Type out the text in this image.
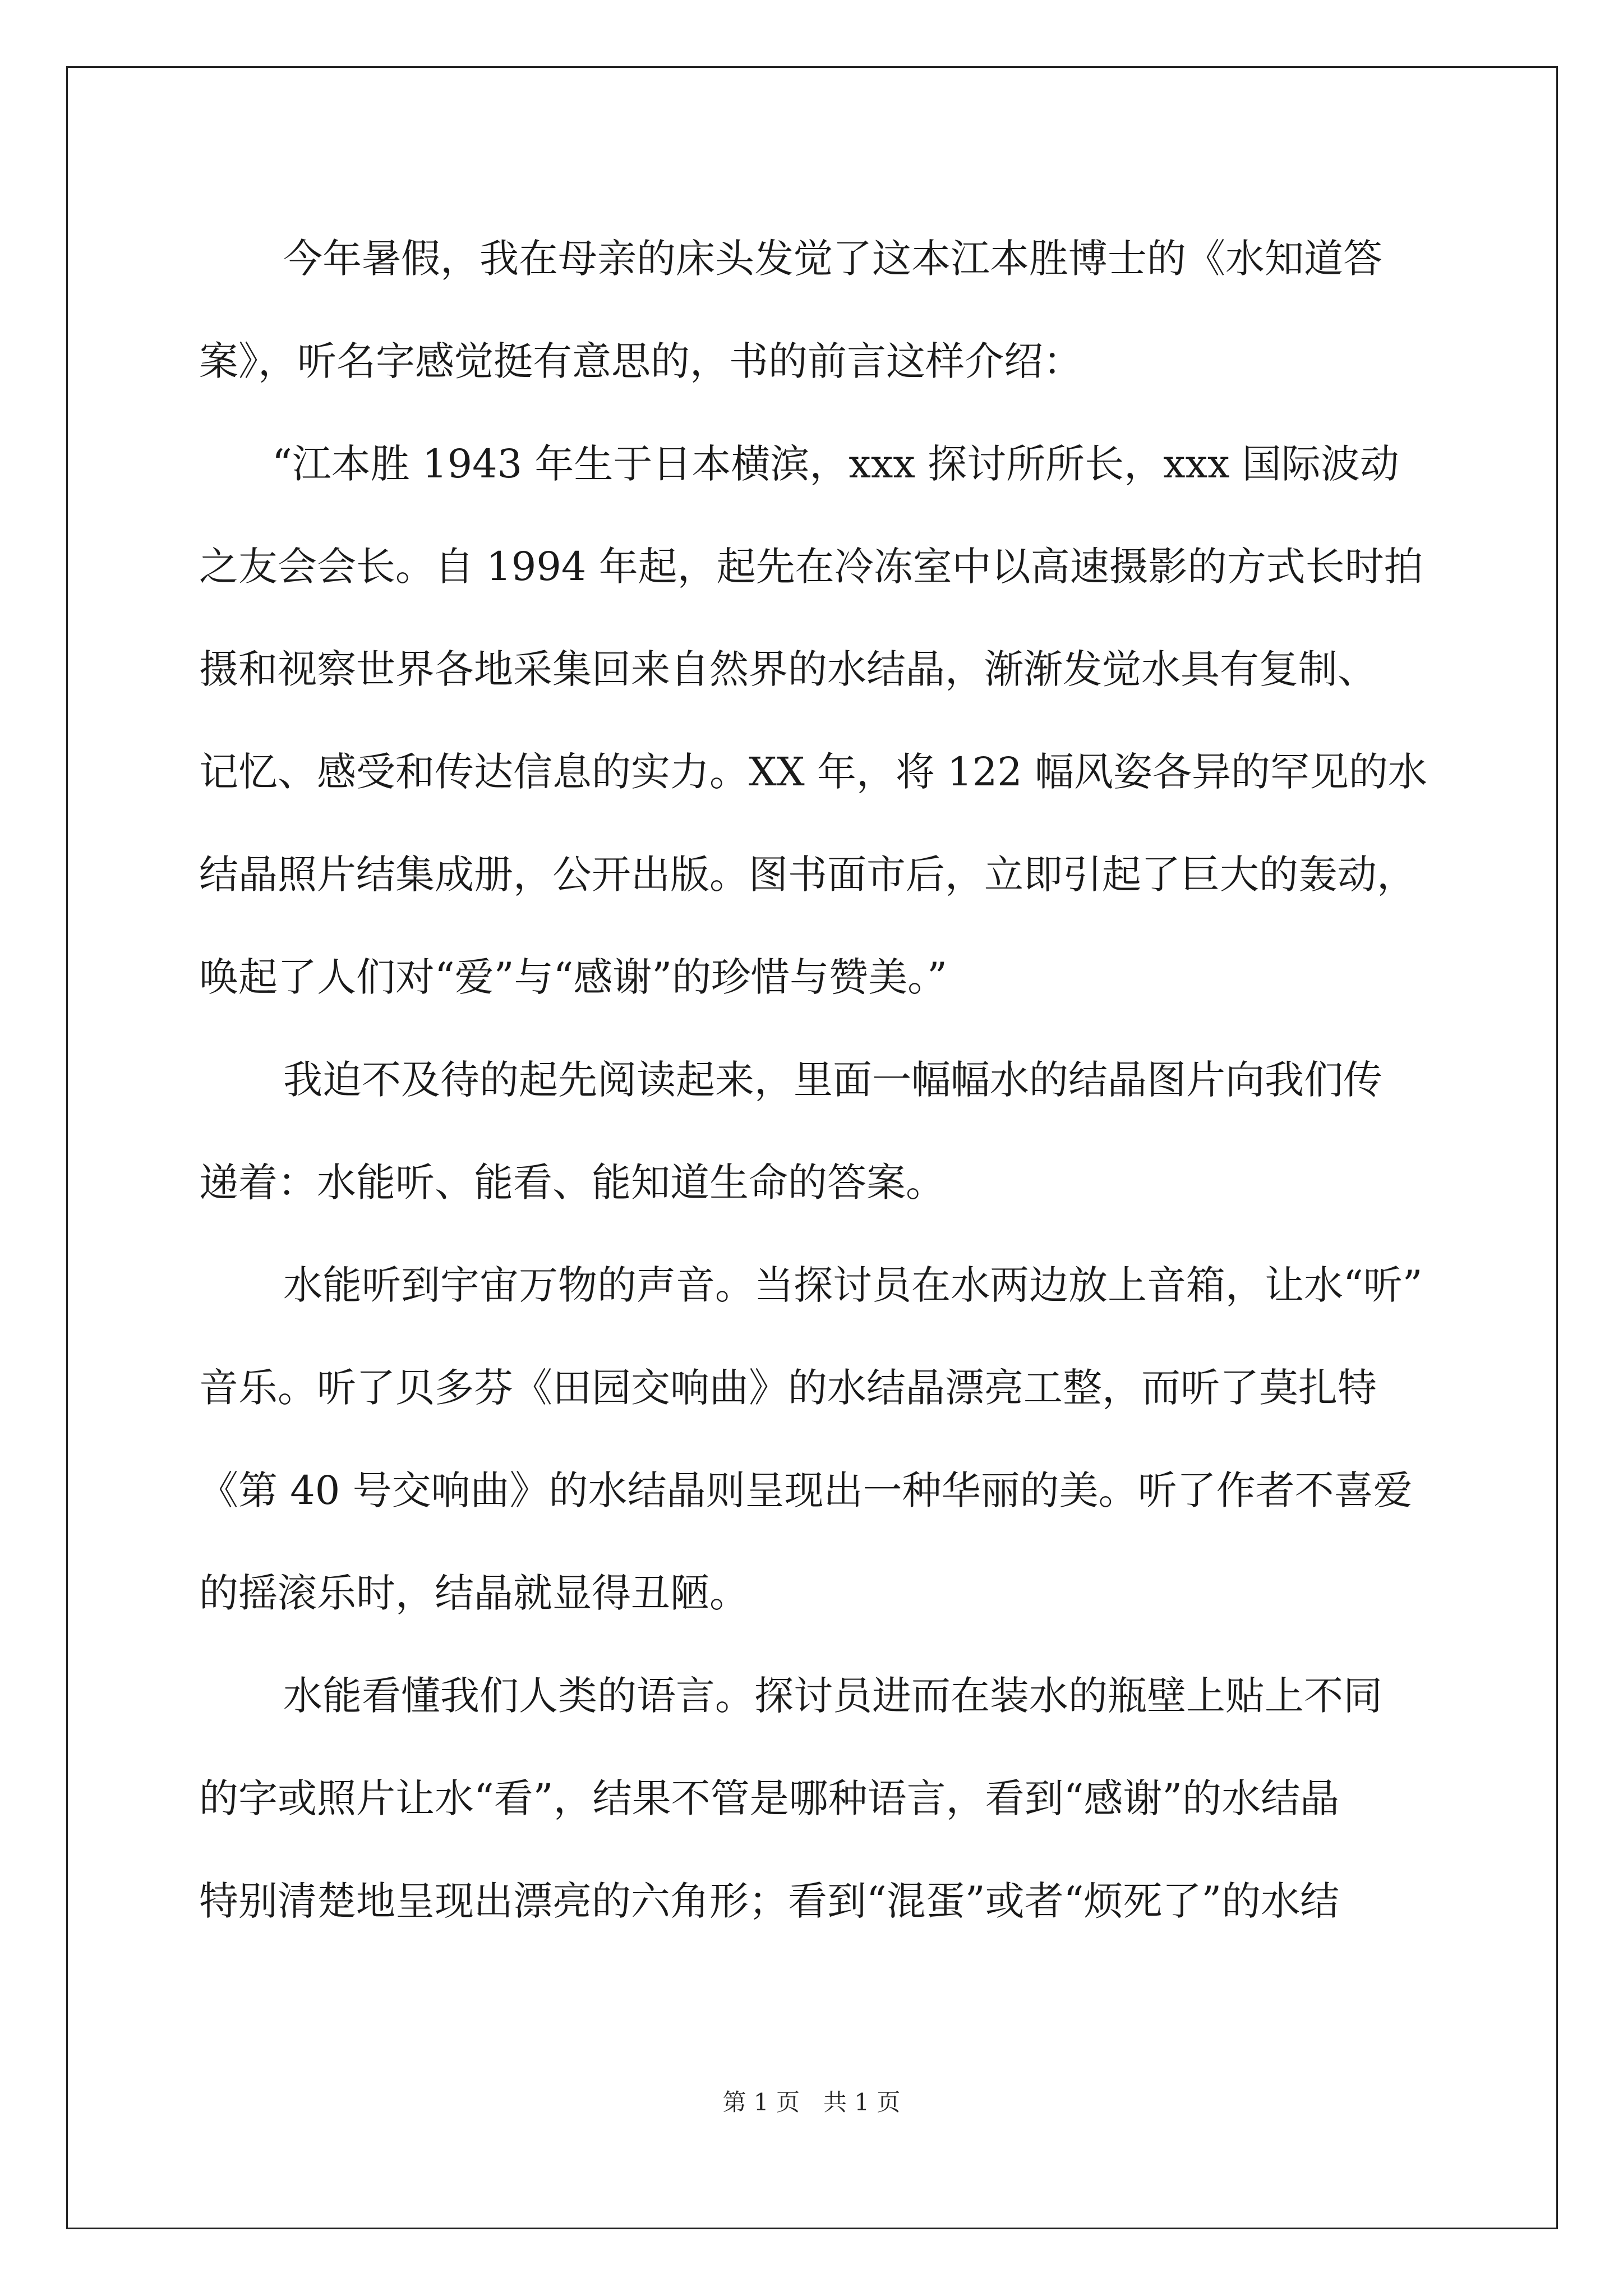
今年暑假，我在母亲的床头发觉了这本江本胜博士的《水知道答
案》，听名字感觉挺有意思的，书的前言这样介绍：
“江本胜 1943 年生于日本横滨，xxx 探讨所所长，xxx 国际波动
之友会会长。自 1994 年起，起先在冷冻室中以高速摄影的方式长时拍
摄和视察世界各地采集回来自然界的水结晶，渐渐发觉水具有复制、
记忆、感受和传达信息的实力。XX 年，将 122 幅风姿各异的罕见的水
结晶照片结集成册，公开出版。图书面市后，立即引起了巨大的轰动，
唤起了人们对“爱”与“感谢”的珍惜与赞美。”
我迫不及待的起先阅读起来，里面一幅幅水的结晶图片向我们传
递着：水能听、能看、能知道生命的答案。
水能听到宇宙万物的声音。当探讨员在水两边放上音箱，让水“听”
音乐。听了贝多芬《田园交响曲》的水结晶漂亮工整，而听了莫扎特
《第 40 号交响曲》的水结晶则呈现出一种华丽的美。听了作者不喜爱
的摇滚乐时，结晶就显得丑陋。
水能看懂我们人类的语言。探讨员进而在装水的瓶壁上贴上不同
的字或照片让水“看”，结果不管是哪种语言，看到“感谢”的水结晶
特别清楚地呈现出漂亮的六角形；看到“混蛋”或者“烦死了”的水结
第 1 页　共 1 页
